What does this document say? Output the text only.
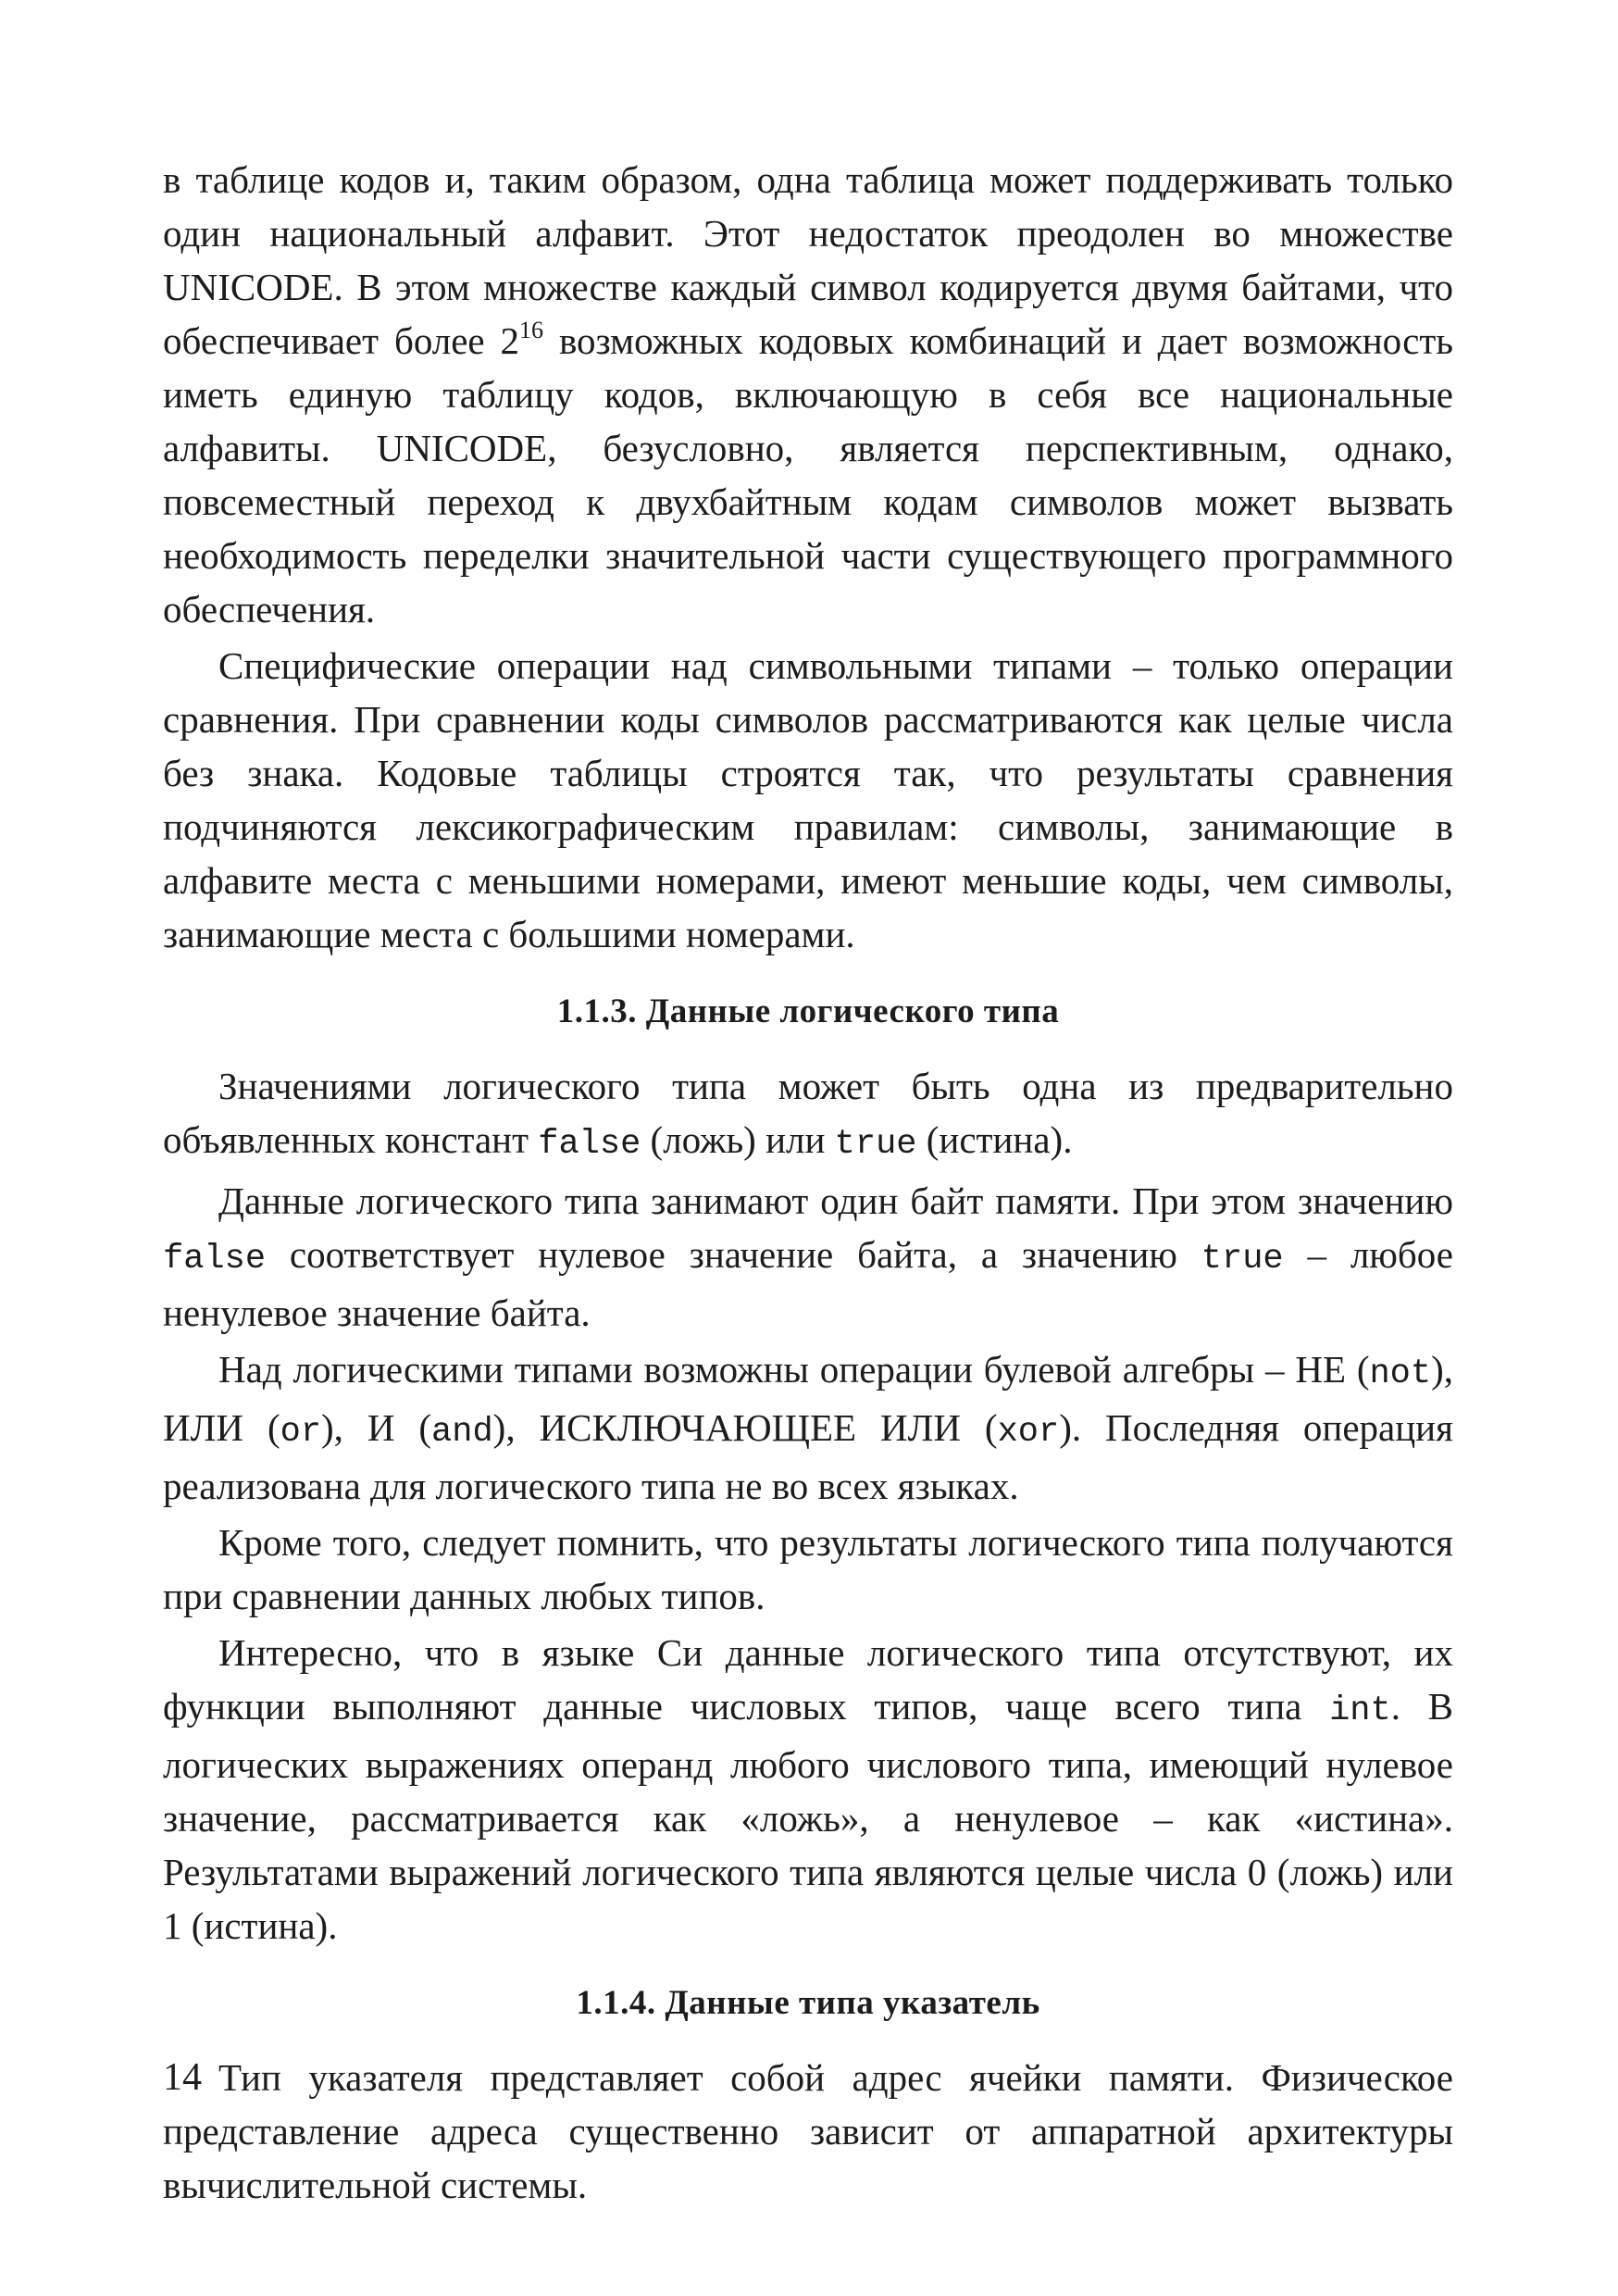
в таблице кодов и, таким образом, одна таблица может поддерживать только один национальный алфавит. Этот недостаток преодолен во множестве UNICODE. В этом множестве каждый символ кодируется двумя байтами, что обеспечивает более $2^{16}$ возможных кодовых комбинаций и дает возможность иметь единую таблицу кодов, включающую в себя все национальные алфавиты. UNICODE, безусловно, является перспективным, однако, повсеместный переход к двухбайтным кодам символов может вызвать необходимость переделки значительной части существующего программного обеспечения.

Специфические операции над символьными типами – только операции сравнения. При сравнении коды символов рассматриваются как целые числа без знака. Кодовые таблицы строятся так, что результаты сравнения подчиняются лексикографическим правилам: символы, занимающие в алфавите места с меньшими номерами, имеют меньшие коды, чем символы, занимающие места с большими номерами.

1.1.3. Данные логического типа

Значениями логического типа может быть одна из предварительно объявленных констант false (ложь) или true (истина).

Данные логического типа занимают один байт памяти. При этом значению false соответствует нулевое значение байта, а значению true – любое ненулевое значение байта.

Над логическими типами возможны операции булевой алгебры – НЕ (not), ИЛИ (or), И (and), ИСКЛЮЧАЮЩЕЕ ИЛИ (xor). Последняя операция реализована для логического типа не во всех языках.

Кроме того, следует помнить, что результаты логического типа получаются при сравнении данных любых типов.

Интересно, что в языке Си данные логического типа отсутствуют, их функции выполняют данные числовых типов, чаще всего типа int. В логических выражениях операнд любого числового типа, имеющий нулевое значение, рассматривается как «ложь», а ненулевое – как «истина». Результатами выражений логического типа являются целые числа 0 (ложь) или 1 (истина).

1.1.4. Данные типа указатель

Тип указателя представляет собой адрес ячейки памяти. Физическое представление адреса существенно зависит от аппаратной архитектуры вычислительной системы.

14
